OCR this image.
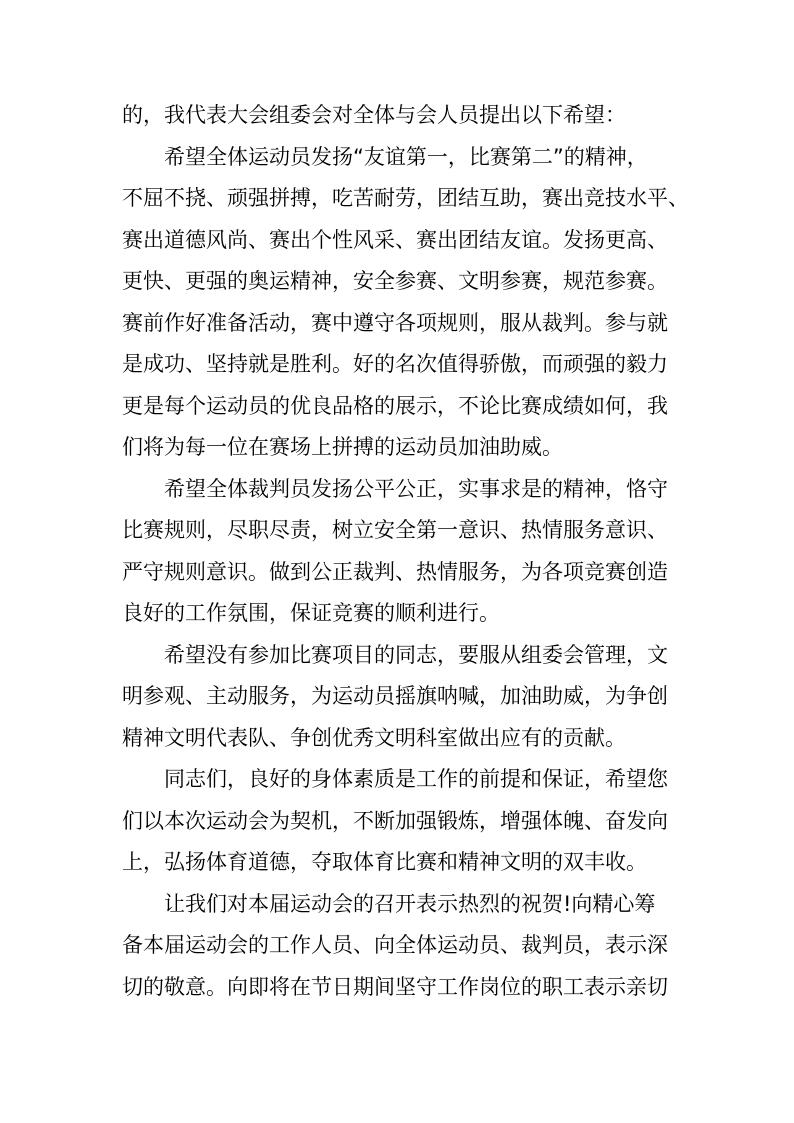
的，我代表大会组委会对全体与会人员提出以下希望：
希望全体运动员发扬“友谊第一，比赛第二”的精神，
不屈不挠、顽强拼搏，吃苦耐劳，团结互助，赛出竞技水平、
赛出道德风尚、赛出个性风采、赛出团结友谊。发扬更高、
更快、更强的奥运精神，安全参赛、文明参赛，规范参赛。
赛前作好准备活动，赛中遵守各项规则，服从裁判。参与就
是成功、坚持就是胜利。好的名次值得骄傲，而顽强的毅力
更是每个运动员的优良品格的展示，不论比赛成绩如何，我
们将为每一位在赛场上拼搏的运动员加油助威。
希望全体裁判员发扬公平公正，实事求是的精神，恪守
比赛规则，尽职尽责，树立安全第一意识、热情服务意识、
严守规则意识。做到公正裁判、热情服务，为各项竞赛创造
良好的工作氛围，保证竞赛的顺利进行。
希望没有参加比赛项目的同志，要服从组委会管理，文
明参观、主动服务，为运动员摇旗呐喊，加油助威，为争创
精神文明代表队、争创优秀文明科室做出应有的贡献。
同志们，良好的身体素质是工作的前提和保证，希望您
们以本次运动会为契机，不断加强锻炼，增强体魄、奋发向
上，弘扬体育道德，夺取体育比赛和精神文明的双丰收。
让我们对本届运动会的召开表示热烈的祝贺!向精心筹
备本届运动会的工作人员、向全体运动员、裁判员，表示深
切的敬意。向即将在节日期间坚守工作岗位的职工表示亲切
